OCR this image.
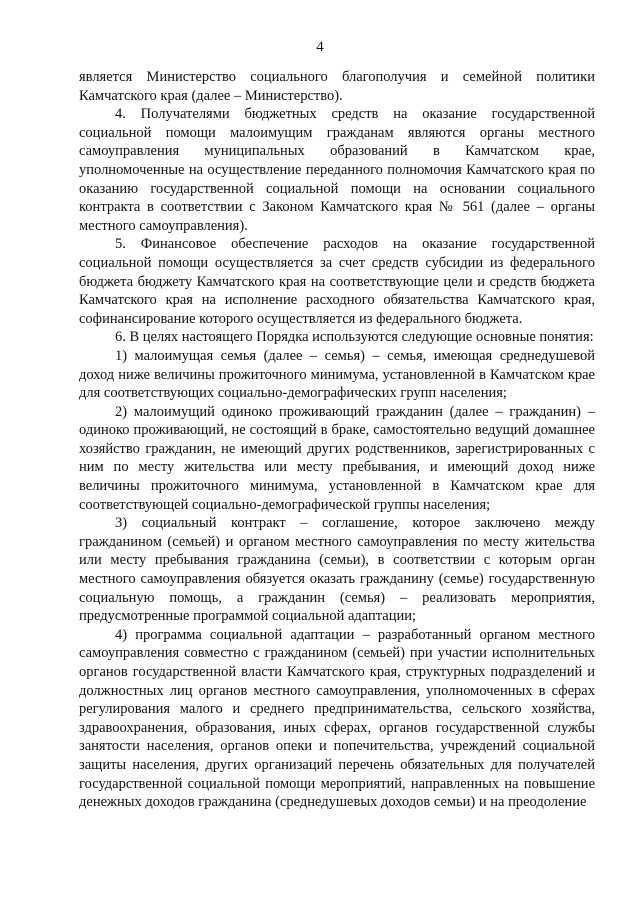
4

является Министерство социального благополучия и семейной политики Камчатского края (далее – Министерство).

4. Получателями бюджетных средств на оказание государственной социальной помощи малоимущим гражданам являются органы местного самоуправления муниципальных образований в Камчатском крае, уполномоченные на осуществление переданного полномочия Камчатского края по оказанию государственной социальной помощи на основании социального контракта в соответствии с Законом Камчатского края № 561 (далее – органы местного самоуправления).

5. Финансовое обеспечение расходов на оказание государственной социальной помощи осуществляется за счет средств субсидии из федерального бюджета бюджету Камчатского края на соответствующие цели и средств бюджета Камчатского края на исполнение расходного обязательства Камчатского края, софинансирование которого осуществляется из федерального бюджета.

6. В целях настоящего Порядка используются следующие основные понятия:

1) малоимущая семья (далее – семья) – семья, имеющая среднедушевой доход ниже величины прожиточного минимума, установленной в Камчатском крае для соответствующих социально-демографических групп населения;

2) малоимущий одиноко проживающий гражданин (далее – гражданин) – одиноко проживающий, не состоящий в браке, самостоятельно ведущий домашнее хозяйство гражданин, не имеющий других родственников, зарегистрированных с ним по месту жительства или месту пребывания, и имеющий доход ниже величины прожиточного минимума, установленной в Камчатском крае для соответствующей социально-демографической группы населения;

3) социальный контракт – соглашение, которое заключено между гражданином (семьей) и органом местного самоуправления по месту жительства или месту пребывания гражданина (семьи), в соответствии с которым орган местного самоуправления обязуется оказать гражданину (семье) государственную социальную помощь, а гражданин (семья) – реализовать мероприятия, предусмотренные программой социальной адаптации;

4) программа социальной адаптации – разработанный органом местного самоуправления совместно с гражданином (семьей) при участии исполнительных органов государственной власти Камчатского края, структурных подразделений и должностных лиц органов местного самоуправления, уполномоченных в сферах регулирования малого и среднего предпринимательства, сельского хозяйства, здравоохранения, образования, иных сферах, органов государственной службы занятости населения, органов опеки и попечительства, учреждений социальной защиты населения, других организаций перечень обязательных для получателей государственной социальной помощи мероприятий, направленных на повышение денежных доходов гражданина (среднедушевых доходов семьи) и на преодоление
